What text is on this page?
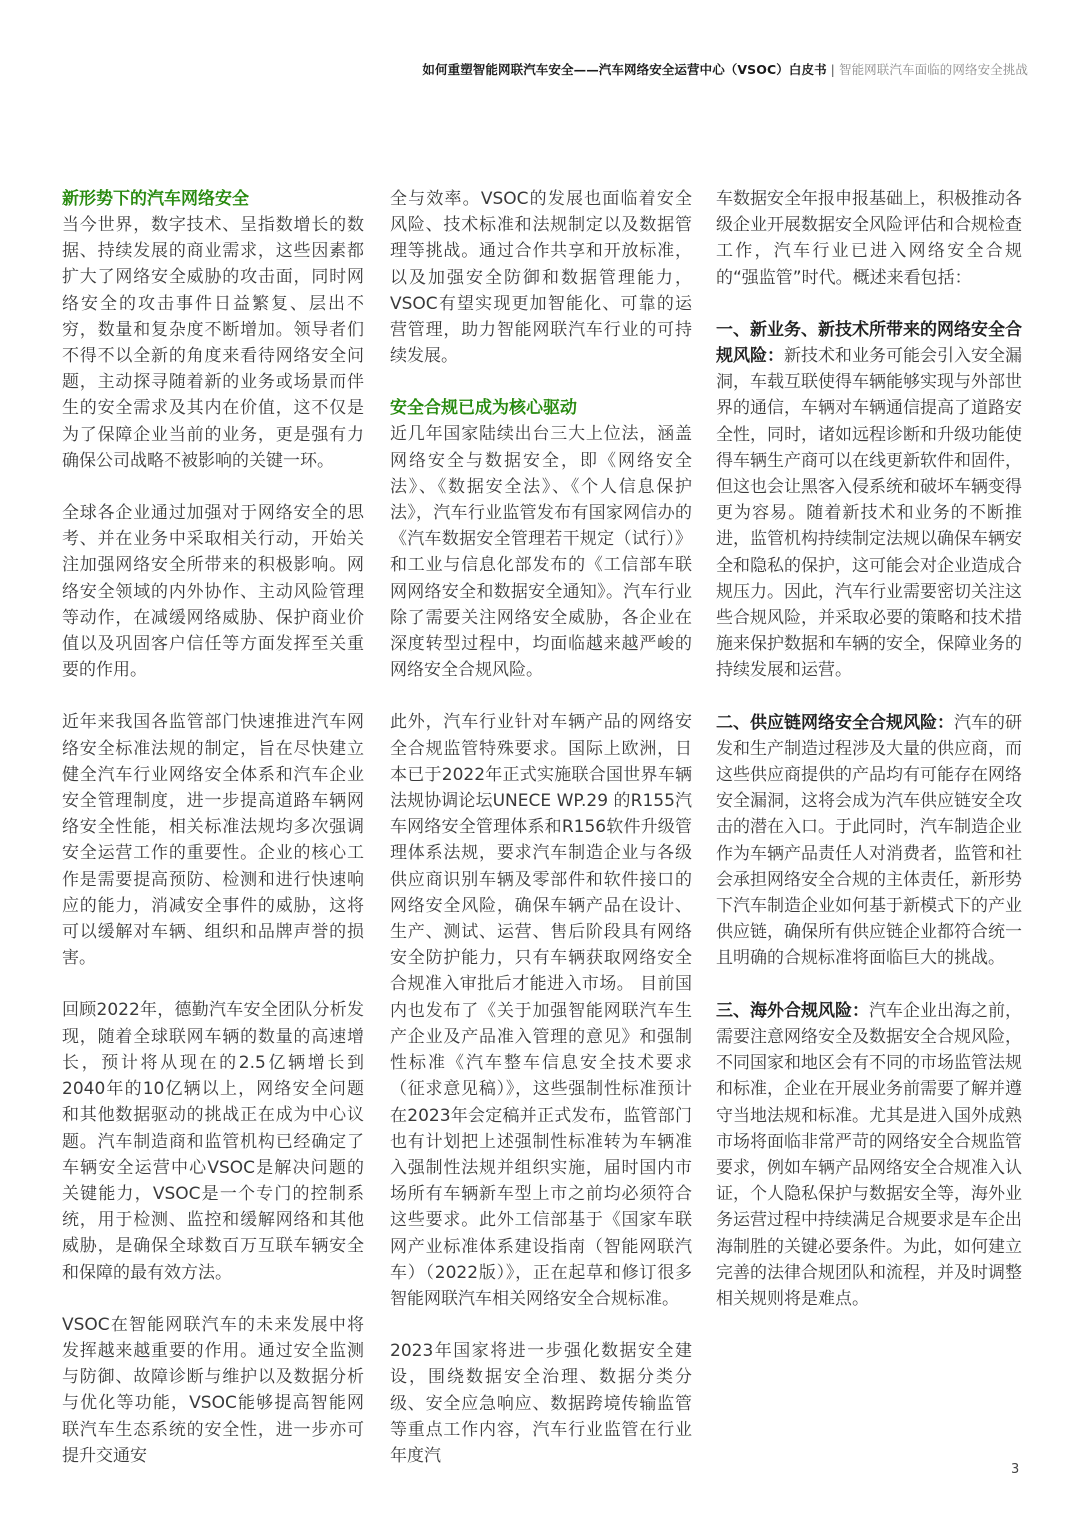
如何重塑智能网联汽车安全——汽车网络安全运营中心（VSOC）白皮书 | 智能网联汽车面临的网络安全挑战
新形势下的汽车网络安全

当今世界，数字技术、呈指数增长的数据、持续发展的商业需求，这些因素都扩大了网络安全威胁的攻击面，同时网络安全的攻击事件日益繁复、层出不穷，数量和复杂度不断增加。领导者们不得不以全新的角度来看待网络安全问题，主动探寻随着新的业务或场景而伴生的安全需求及其内在价值，这不仅是为了保障企业当前的业务，更是强有力确保公司战略不被影响的关键一环。

全球各企业通过加强对于网络安全的思考、并在业务中采取相关行动，开始关注加强网络安全所带来的积极影响。网络安全领域的内外协作、主动风险管理等动作，在减缓网络威胁、保护商业价值以及巩固客户信任等方面发挥至关重要的作用。

近年来我国各监管部门快速推进汽车网络安全标准法规的制定，旨在尽快建立健全汽车行业网络安全体系和汽车企业安全管理制度，进一步提高道路车辆网络安全性能，相关标准法规均多次强调安全运营工作的重要性。企业的核心工作是需要提高预防、检测和进行快速响应的能力，消减安全事件的威胁，这将可以缓解对车辆、组织和品牌声誉的损害。

回顾2022年，德勤汽车安全团队分析发现，随着全球联网车辆的数量的高速增长，预计将从现在的2.5亿辆增长到2040年的10亿辆以上，网络安全问题和其他数据驱动的挑战正在成为中心议题。汽车制造商和监管机构已经确定了车辆安全运营中心VSOC是解决问题的关键能力，VSOC是一个专门的控制系统，用于检测、监控和缓解网络和其他威胁，是确保全球数百万互联车辆安全和保障的最有效方法。

VSOC在智能网联汽车的未来发展中将发挥越来越重要的作用。通过安全监测与防御、故障诊断与维护以及数据分析与优化等功能，VSOC能够提高智能网联汽车生态系统的安全性，进一步亦可提升交通安

全与效率。VSOC的发展也面临着安全风险、技术标准和法规制定以及数据管理等挑战。通过合作共享和开放标准，以及加强安全防御和数据管理能力，VSOC有望实现更加智能化、可靠的运营管理，助力智能网联汽车行业的可持续发展。

安全合规已成为核心驱动

近几年国家陆续出台三大上位法，涵盖网络安全与数据安全，即《网络安全法》、《数据安全法》、《个人信息保护法》，汽车行业监管发布有国家网信办的《汽车数据安全管理若干规定（试行）》和工业与信息化部发布的《工信部车联网网络安全和数据安全通知》。汽车行业除了需要关注网络安全威胁，各企业在深度转型过程中，均面临越来越严峻的网络安全合规风险。

此外，汽车行业针对车辆产品的网络安全合规监管特殊要求。国际上欧洲，日本已于2022年正式实施联合国世界车辆法规协调论坛UNECE WP.29 的R155汽车网络安全管理体系和R156软件升级管理体系法规，要求汽车制造企业与各级供应商识别车辆及零部件和软件接口的网络安全风险，确保车辆产品在设计、生产、测试、运营、售后阶段具有网络安全防护能力，只有车辆获取网络安全合规准入审批后才能进入市场。 目前国内也发布了《关于加强智能网联汽车生产企业及产品准入管理的意见》和强制性标准《汽车整车信息安全技术要求（征求意见稿）》，这些强制性标准预计在2023年会定稿并正式发布，监管部门也有计划把上述强制性标准转为车辆准入强制性法规并组织实施，届时国内市场所有车辆新车型上市之前均必须符合这些要求。此外工信部基于《国家车联网产业标准体系建设指南（智能网联汽车）（2022版）》，正在起草和修订很多智能网联汽车相关网络安全合规标准。

2023年国家将进一步强化数据安全建设，围绕数据安全治理、数据分类分级、安全应急响应、数据跨境传输监管等重点工作内容，汽车行业监管在行业年度汽

车数据安全年报申报基础上，积极推动各级企业开展数据安全风险评估和合规检查工作，汽车行业已进入网络安全合规的“强监管”时代。概述来看包括：

一、新业务、新技术所带来的网络安全合规风险：新技术和业务可能会引入安全漏洞，车载互联使得车辆能够实现与外部世界的通信，车辆对车辆通信提高了道路安全性，同时，诸如远程诊断和升级功能使得车辆生产商可以在线更新软件和固件，但这也会让黑客入侵系统和破坏车辆变得更为容易。随着新技术和业务的不断推进，监管机构持续制定法规以确保车辆安全和隐私的保护，这可能会对企业造成合规压力。因此，汽车行业需要密切关注这些合规风险，并采取必要的策略和技术措施来保护数据和车辆的安全，保障业务的持续发展和运营。

二、供应链网络安全合规风险：汽车的研发和生产制造过程涉及大量的供应商，而这些供应商提供的产品均有可能存在网络安全漏洞，这将会成为汽车供应链安全攻击的潜在入口。于此同时，汽车制造企业作为车辆产品责任人对消费者，监管和社会承担网络安全合规的主体责任，新形势下汽车制造企业如何基于新模式下的产业供应链，确保所有供应链企业都符合统一且明确的合规标准将面临巨大的挑战。

三、海外合规风险：汽车企业出海之前，需要注意网络安全及数据安全合规风险，不同国家和地区会有不同的市场监管法规和标准，企业在开展业务前需要了解并遵守当地法规和标准。尤其是进入国外成熟市场将面临非常严苛的网络安全合规监管要求，例如车辆产品网络安全合规准入认证，个人隐私保护与数据安全等，海外业务运营过程中持续满足合规要求是车企出海制胜的关键必要条件。为此，如何建立完善的法律合规团队和流程，并及时调整相关规则将是难点。

3
